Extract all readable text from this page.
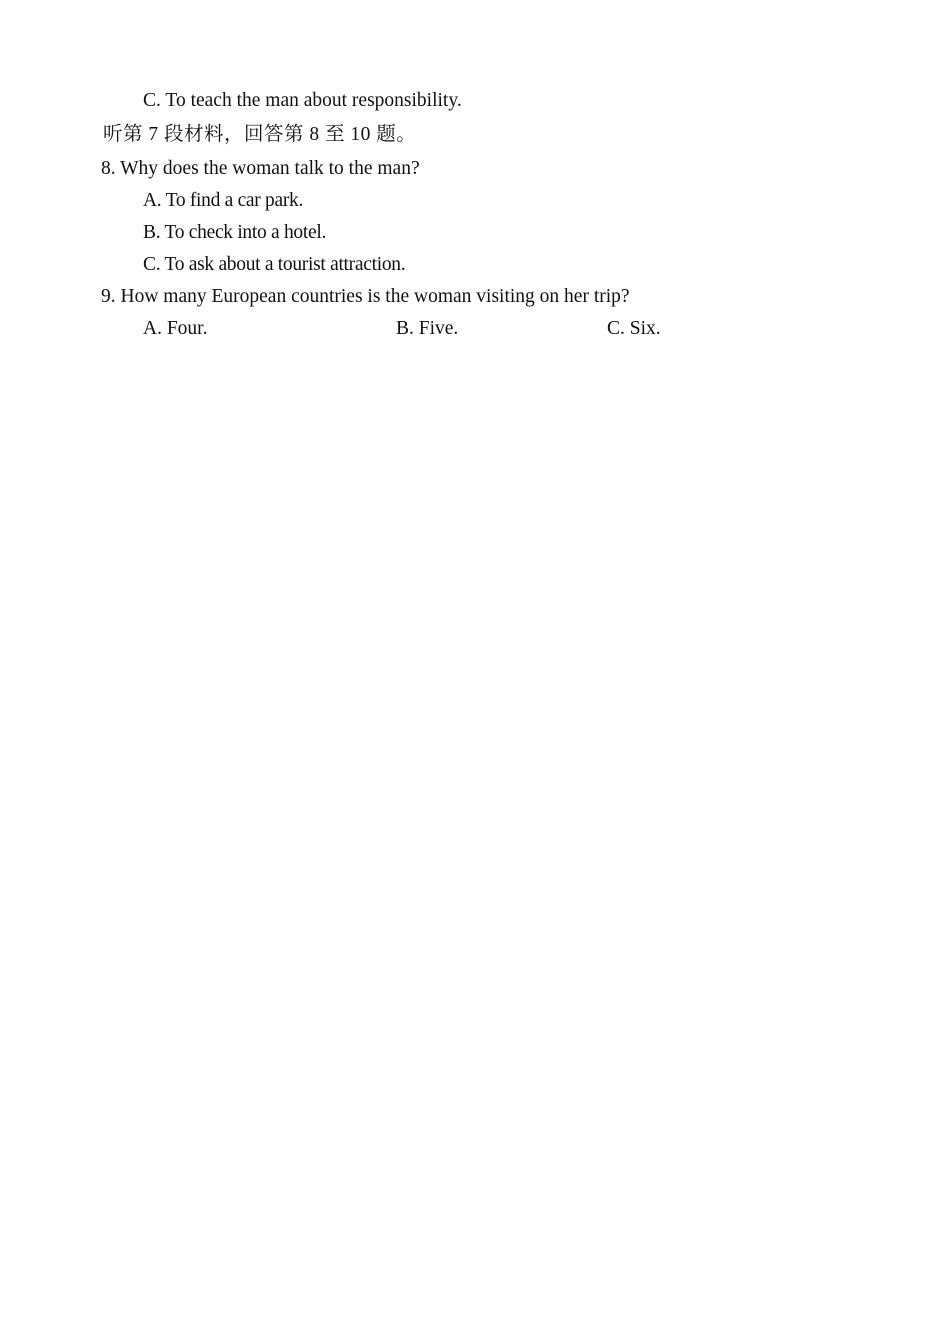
C. To teach the man about responsibility.
听第 7 段材料，回答第 8 至 10 题。
8. Why does the woman talk to the man?
A. To find a car park.
B. To check into a hotel.
C. To ask about a tourist attraction.
9. How many European countries is the woman visiting on her trip?
A. Four.	B. Five.	C. Six.
